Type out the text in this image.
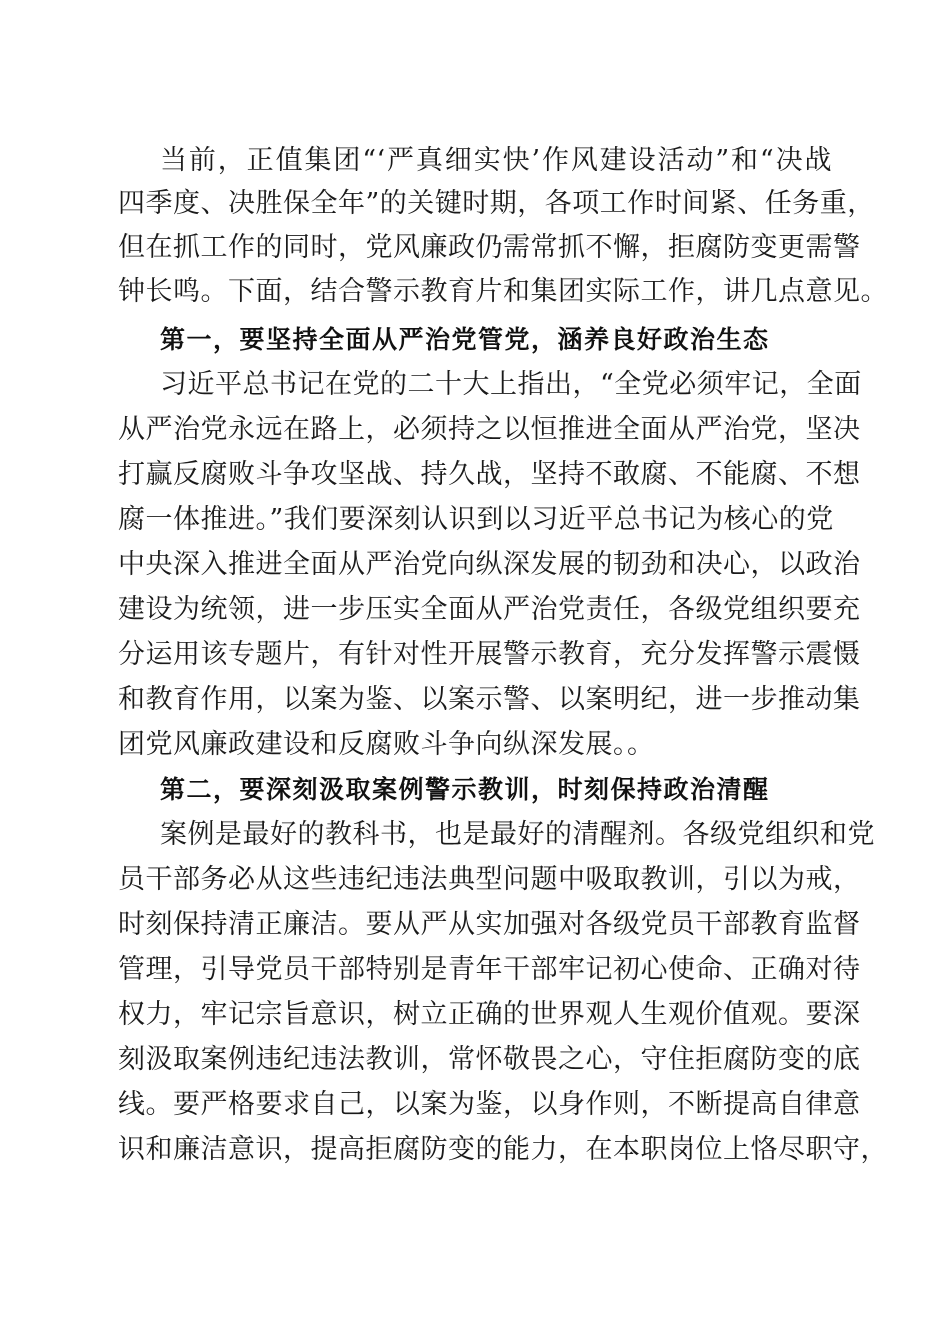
当前，正值集团“‘严真细实快’作风建设活动”和“决战
四季度、决胜保全年”的关键时期，各项工作时间紧、任务重，
但在抓工作的同时，党风廉政仍需常抓不懈，拒腐防变更需警
钟长鸣。下面，结合警示教育片和集团实际工作，讲几点意见。
第一，要坚持全面从严治党管党，涵养良好政治生态
习近平总书记在党的二十大上指出，“全党必须牢记，全面
从严治党永远在路上，必须持之以恒推进全面从严治党，坚决
打赢反腐败斗争攻坚战、持久战，坚持不敢腐、不能腐、不想
腐一体推进。”我们要深刻认识到以习近平总书记为核心的党
中央深入推进全面从严治党向纵深发展的韧劲和决心，以政治
建设为统领，进一步压实全面从严治党责任，各级党组织要充
分运用该专题片，有针对性开展警示教育，充分发挥警示震慑
和教育作用，以案为鉴、以案示警、以案明纪，进一步推动集
团党风廉政建设和反腐败斗争向纵深发展。。
第二，要深刻汲取案例警示教训，时刻保持政治清醒
案例是最好的教科书，也是最好的清醒剂。各级党组织和党
员干部务必从这些违纪违法典型问题中吸取教训，引以为戒，
时刻保持清正廉洁。要从严从实加强对各级党员干部教育监督
管理，引导党员干部特别是青年干部牢记初心使命、正确对待
权力，牢记宗旨意识，树立正确的世界观人生观价值观。要深
刻汲取案例违纪违法教训，常怀敬畏之心，守住拒腐防变的底
线。要严格要求自己，以案为鉴，以身作则，不断提高自律意
识和廉洁意识，提高拒腐防变的能力，在本职岗位上恪尽职守，
